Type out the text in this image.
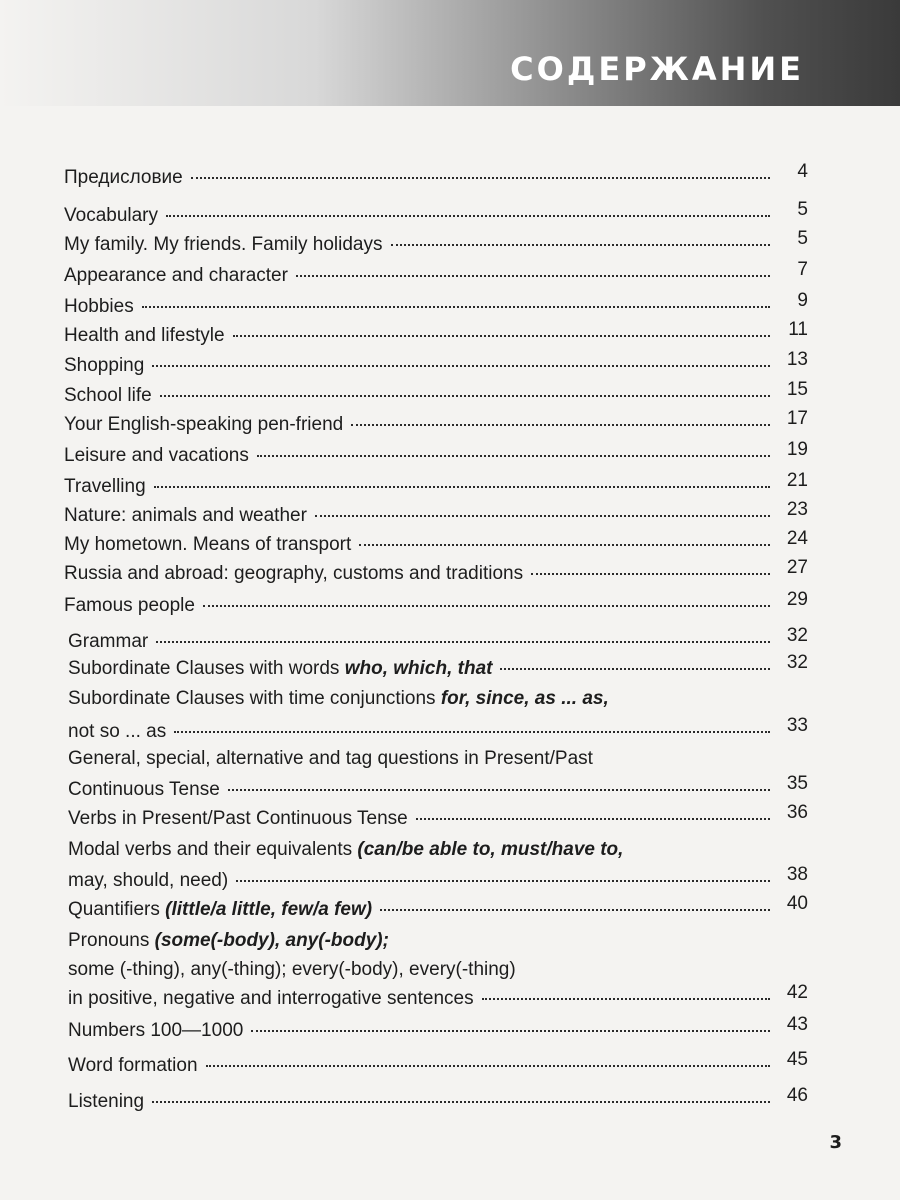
СОДЕРЖАНИЕ
Предисловие	4
Vocabulary	5
My family. My friends. Family holidays	5
Appearance and character	7
Hobbies	9
Health and lifestyle	11
Shopping	13
School life	15
Your English-speaking pen-friend	17
Leisure and vacations	19
Travelling	21
Nature: animals and weather	23
My hometown. Means of transport	24
Russia and abroad: geography, customs and traditions	27
Famous people	29
Grammar	32
Subordinate Clauses with words who, which, that	32
Subordinate Clauses with time conjunctions for, since, as ... as,
not so ... as	33
General, special, alternative and tag questions in Present/Past
Continuous Tense	35
Verbs in Present/Past Continuous Tense	36
Modal verbs and their equivalents (can/be able to, must/have to,
may, should, need)	38
Quantifiers (little/a little, few/a few)	40
Pronouns (some(-body), any(-body);
some (-thing), any(-thing); every(-body), every(-thing)
in positive, negative and interrogative sentences	42
Numbers 100—1000	43
Word formation	45
Listening	46
3
